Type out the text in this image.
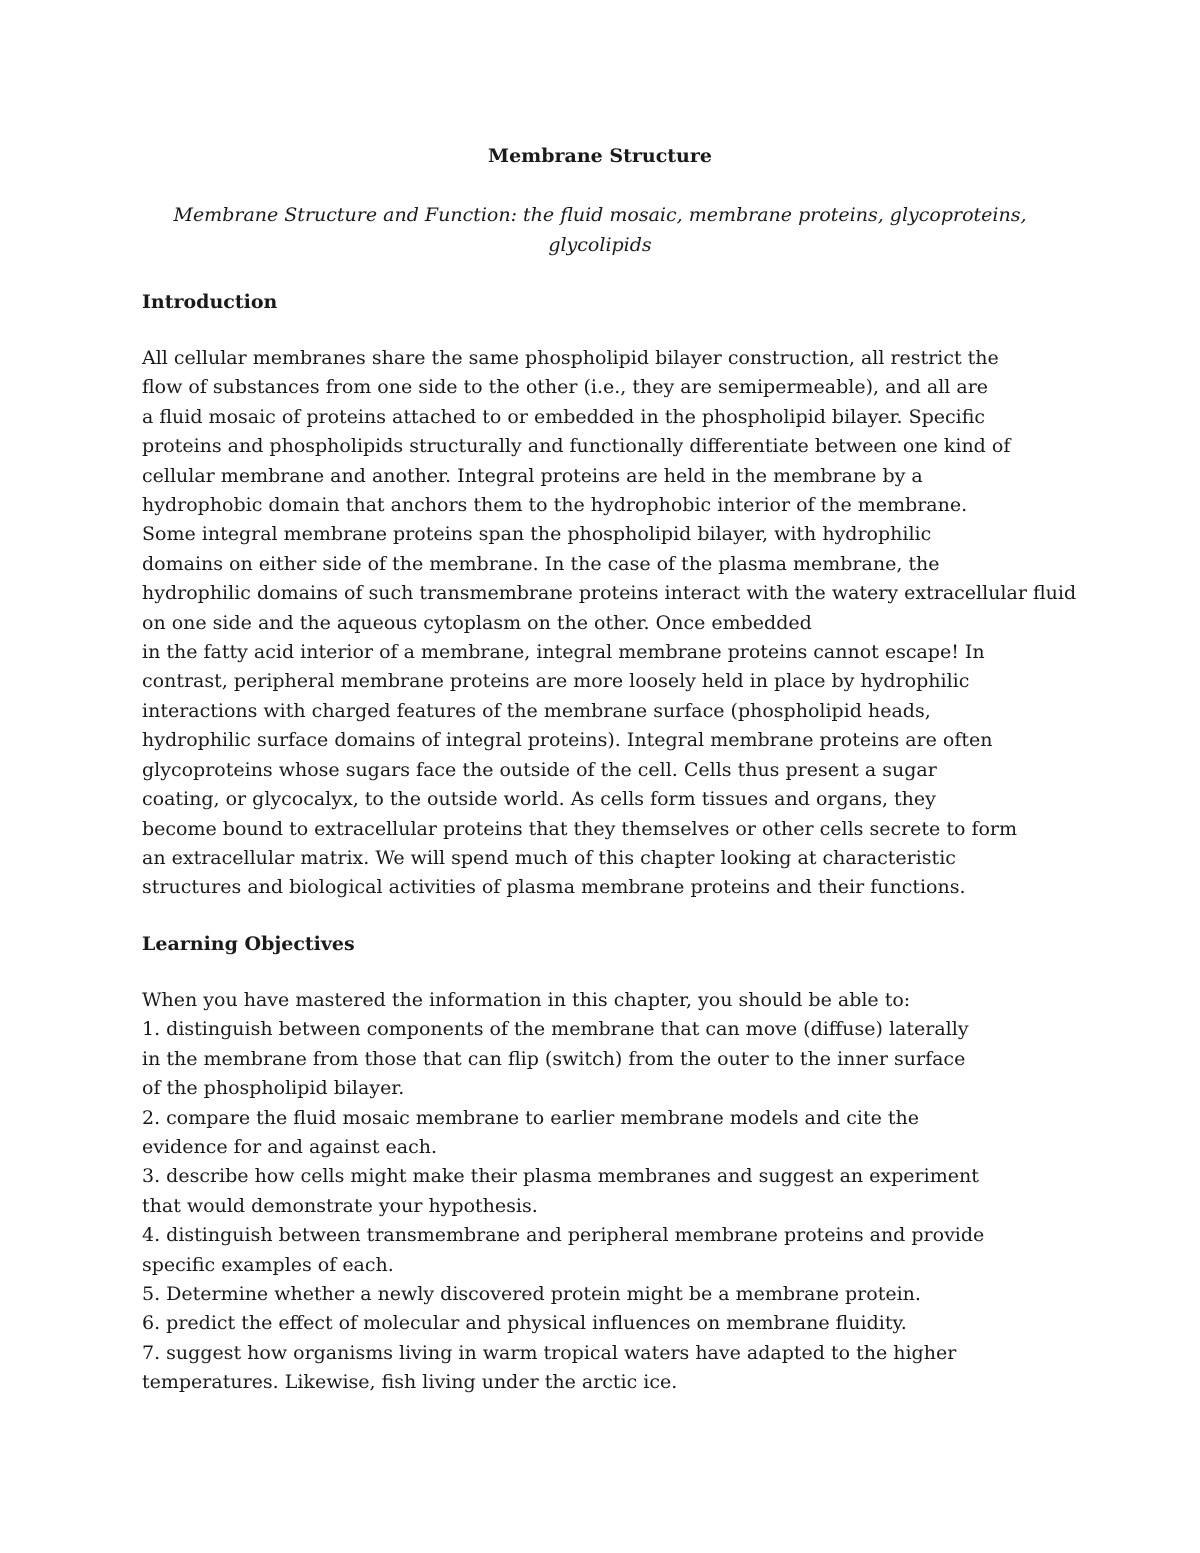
Membrane Structure
Membrane Structure and Function: the fluid mosaic, membrane proteins, glycoproteins,
glycolipids
Introduction
All cellular membranes share the same phospholipid bilayer construction, all restrict the
flow of substances from one side to the other (i.e., they are semipermeable), and all are
a fluid mosaic of proteins attached to or embedded in the phospholipid bilayer. Specific
proteins and phospholipids structurally and functionally differentiate between one kind of
cellular membrane and another. Integral proteins are held in the membrane by a
hydrophobic domain that anchors them to the hydrophobic interior of the membrane.
Some integral membrane proteins span the phospholipid bilayer, with hydrophilic
domains on either side of the membrane. In the case of the plasma membrane, the
hydrophilic domains of such transmembrane proteins interact with the watery extracellular fluid
on one side and the aqueous cytoplasm on the other. Once embedded
in the fatty acid interior of a membrane, integral membrane proteins cannot escape! In
contrast, peripheral membrane proteins are more loosely held in place by hydrophilic
interactions with charged features of the membrane surface (phospholipid heads,
hydrophilic surface domains of integral proteins). Integral membrane proteins are often
glycoproteins whose sugars face the outside of the cell. Cells thus present a sugar
coating, or glycocalyx, to the outside world. As cells form tissues and organs, they
become bound to extracellular proteins that they themselves or other cells secrete to form
an extracellular matrix. We will spend much of this chapter looking at characteristic
structures and biological activities of plasma membrane proteins and their functions.
Learning Objectives
When you have mastered the information in this chapter, you should be able to:
1. distinguish between components of the membrane that can move (diffuse) laterally
in the membrane from those that can flip (switch) from the outer to the inner surface
of the phospholipid bilayer.
2. compare the fluid mosaic membrane to earlier membrane models and cite the
evidence for and against each.
3. describe how cells might make their plasma membranes and suggest an experiment
that would demonstrate your hypothesis.
4. distinguish between transmembrane and peripheral membrane proteins and provide
specific examples of each.
5. Determine whether a newly discovered protein might be a membrane protein.
6. predict the effect of molecular and physical influences on membrane fluidity.
7. suggest how organisms living in warm tropical waters have adapted to the higher
temperatures. Likewise, fish living under the arctic ice.
